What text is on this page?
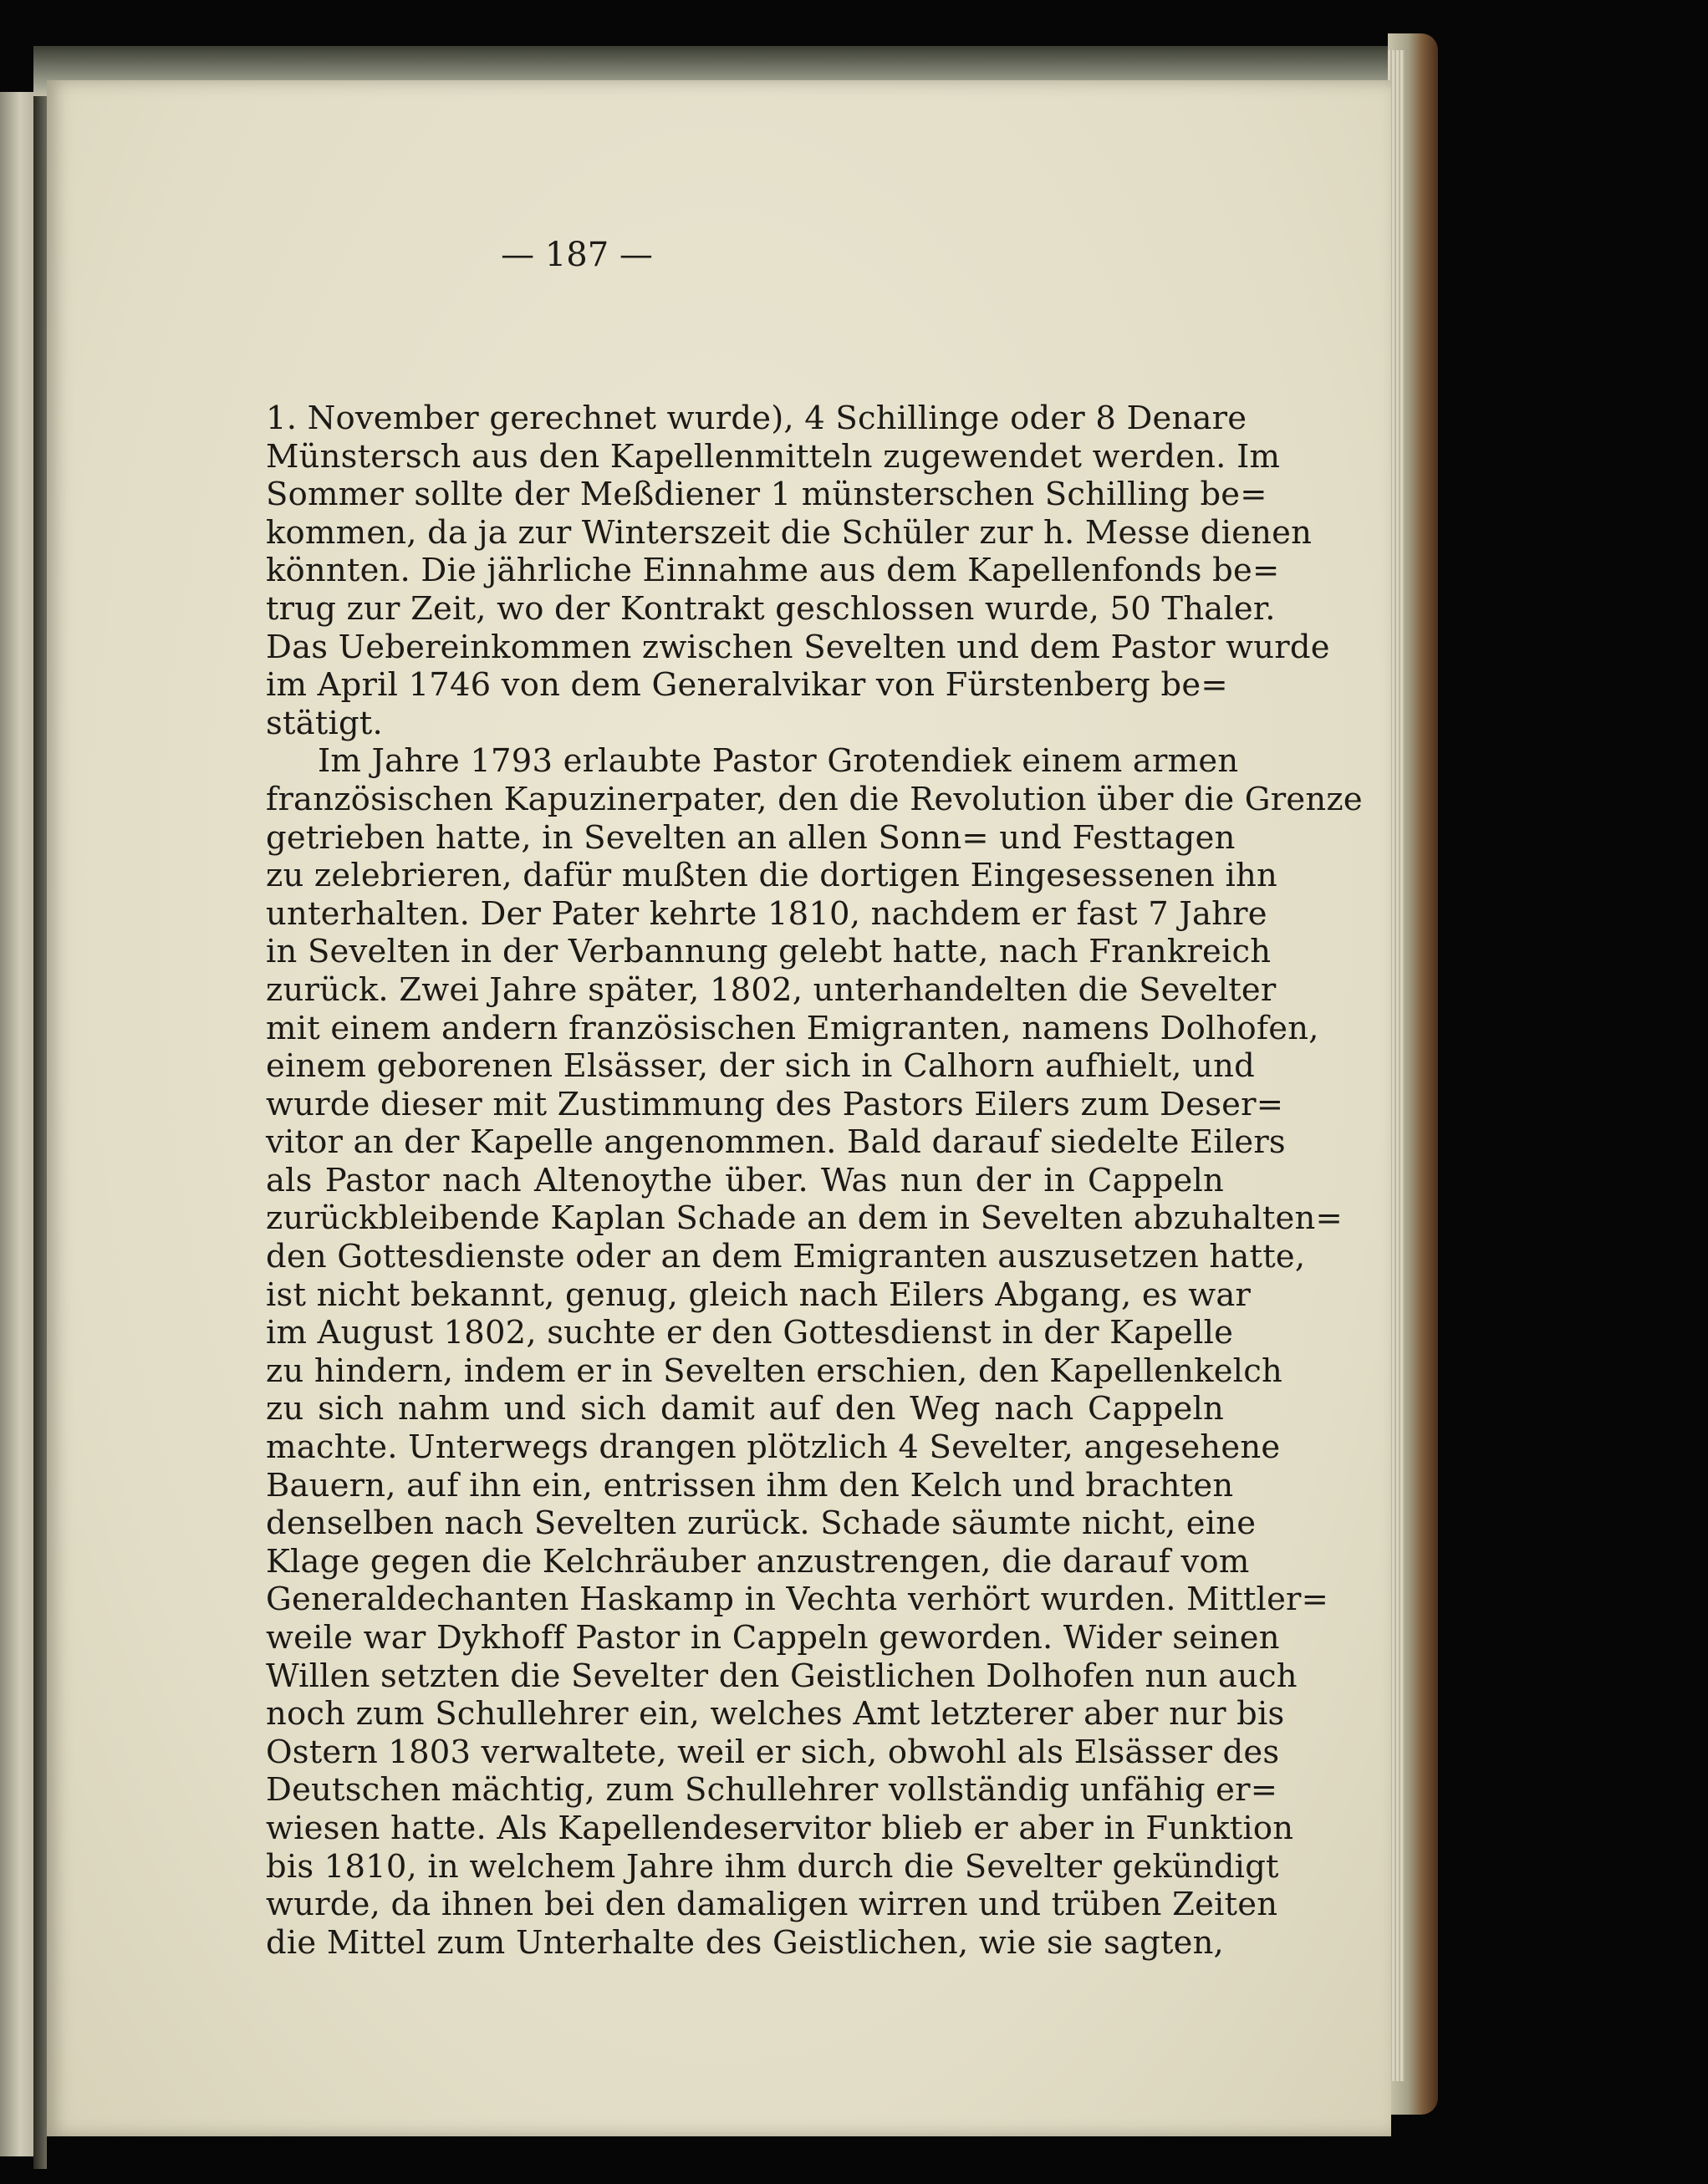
— 187 —
1. November gerechnet wurde), 4 Schillinge oder 8 Denare
Münstersch aus den Kapellenmitteln zugewendet werden. Im
Sommer sollte der Meßdiener 1 münsterschen Schilling be=
kommen, da ja zur Winterszeit die Schüler zur h. Messe dienen
könnten. Die jährliche Einnahme aus dem Kapellenfonds be=
trug zur Zeit, wo der Kontrakt geschlossen wurde, 50 Thaler.
Das Uebereinkommen zwischen Sevelten und dem Pastor wurde
im April 1746 von dem Generalvikar von Fürstenberg be=
stätigt.
Im Jahre 1793 erlaubte Pastor Grotendiek einem armen
französischen Kapuzinerpater, den die Revolution über die Grenze
getrieben hatte, in Sevelten an allen Sonn= und Festtagen
zu zelebrieren, dafür mußten die dortigen Eingesessenen ihn
unterhalten. Der Pater kehrte 1810, nachdem er fast 7 Jahre
in Sevelten in der Verbannung gelebt hatte, nach Frankreich
zurück. Zwei Jahre später, 1802, unterhandelten die Sevelter
mit einem andern französischen Emigranten, namens Dolhofen,
einem geborenen Elsässer, der sich in Calhorn aufhielt, und
wurde dieser mit Zustimmung des Pastors Eilers zum Deser=
vitor an der Kapelle angenommen. Bald darauf siedelte Eilers
als Pastor nach Altenoythe über. Was nun der in Cappeln
zurückbleibende Kaplan Schade an dem in Sevelten abzuhalten=
den Gottesdienste oder an dem Emigranten auszusetzen hatte,
ist nicht bekannt, genug, gleich nach Eilers Abgang, es war
im August 1802, suchte er den Gottesdienst in der Kapelle
zu hindern, indem er in Sevelten erschien, den Kapellenkelch
zu sich nahm und sich damit auf den Weg nach Cappeln
machte. Unterwegs drangen plötzlich 4 Sevelter, angesehene
Bauern, auf ihn ein, entrissen ihm den Kelch und brachten
denselben nach Sevelten zurück. Schade säumte nicht, eine
Klage gegen die Kelchräuber anzustrengen, die darauf vom
Generaldechanten Haskamp in Vechta verhört wurden. Mittler=
weile war Dykhoff Pastor in Cappeln geworden. Wider seinen
Willen setzten die Sevelter den Geistlichen Dolhofen nun auch
noch zum Schullehrer ein, welches Amt letzterer aber nur bis
Ostern 1803 verwaltete, weil er sich, obwohl als Elsässer des
Deutschen mächtig, zum Schullehrer vollständig unfähig er=
wiesen hatte. Als Kapellendeservitor blieb er aber in Funktion
bis 1810, in welchem Jahre ihm durch die Sevelter gekündigt
wurde, da ihnen bei den damaligen wirren und trüben Zeiten
die Mittel zum Unterhalte des Geistlichen, wie sie sagten,
